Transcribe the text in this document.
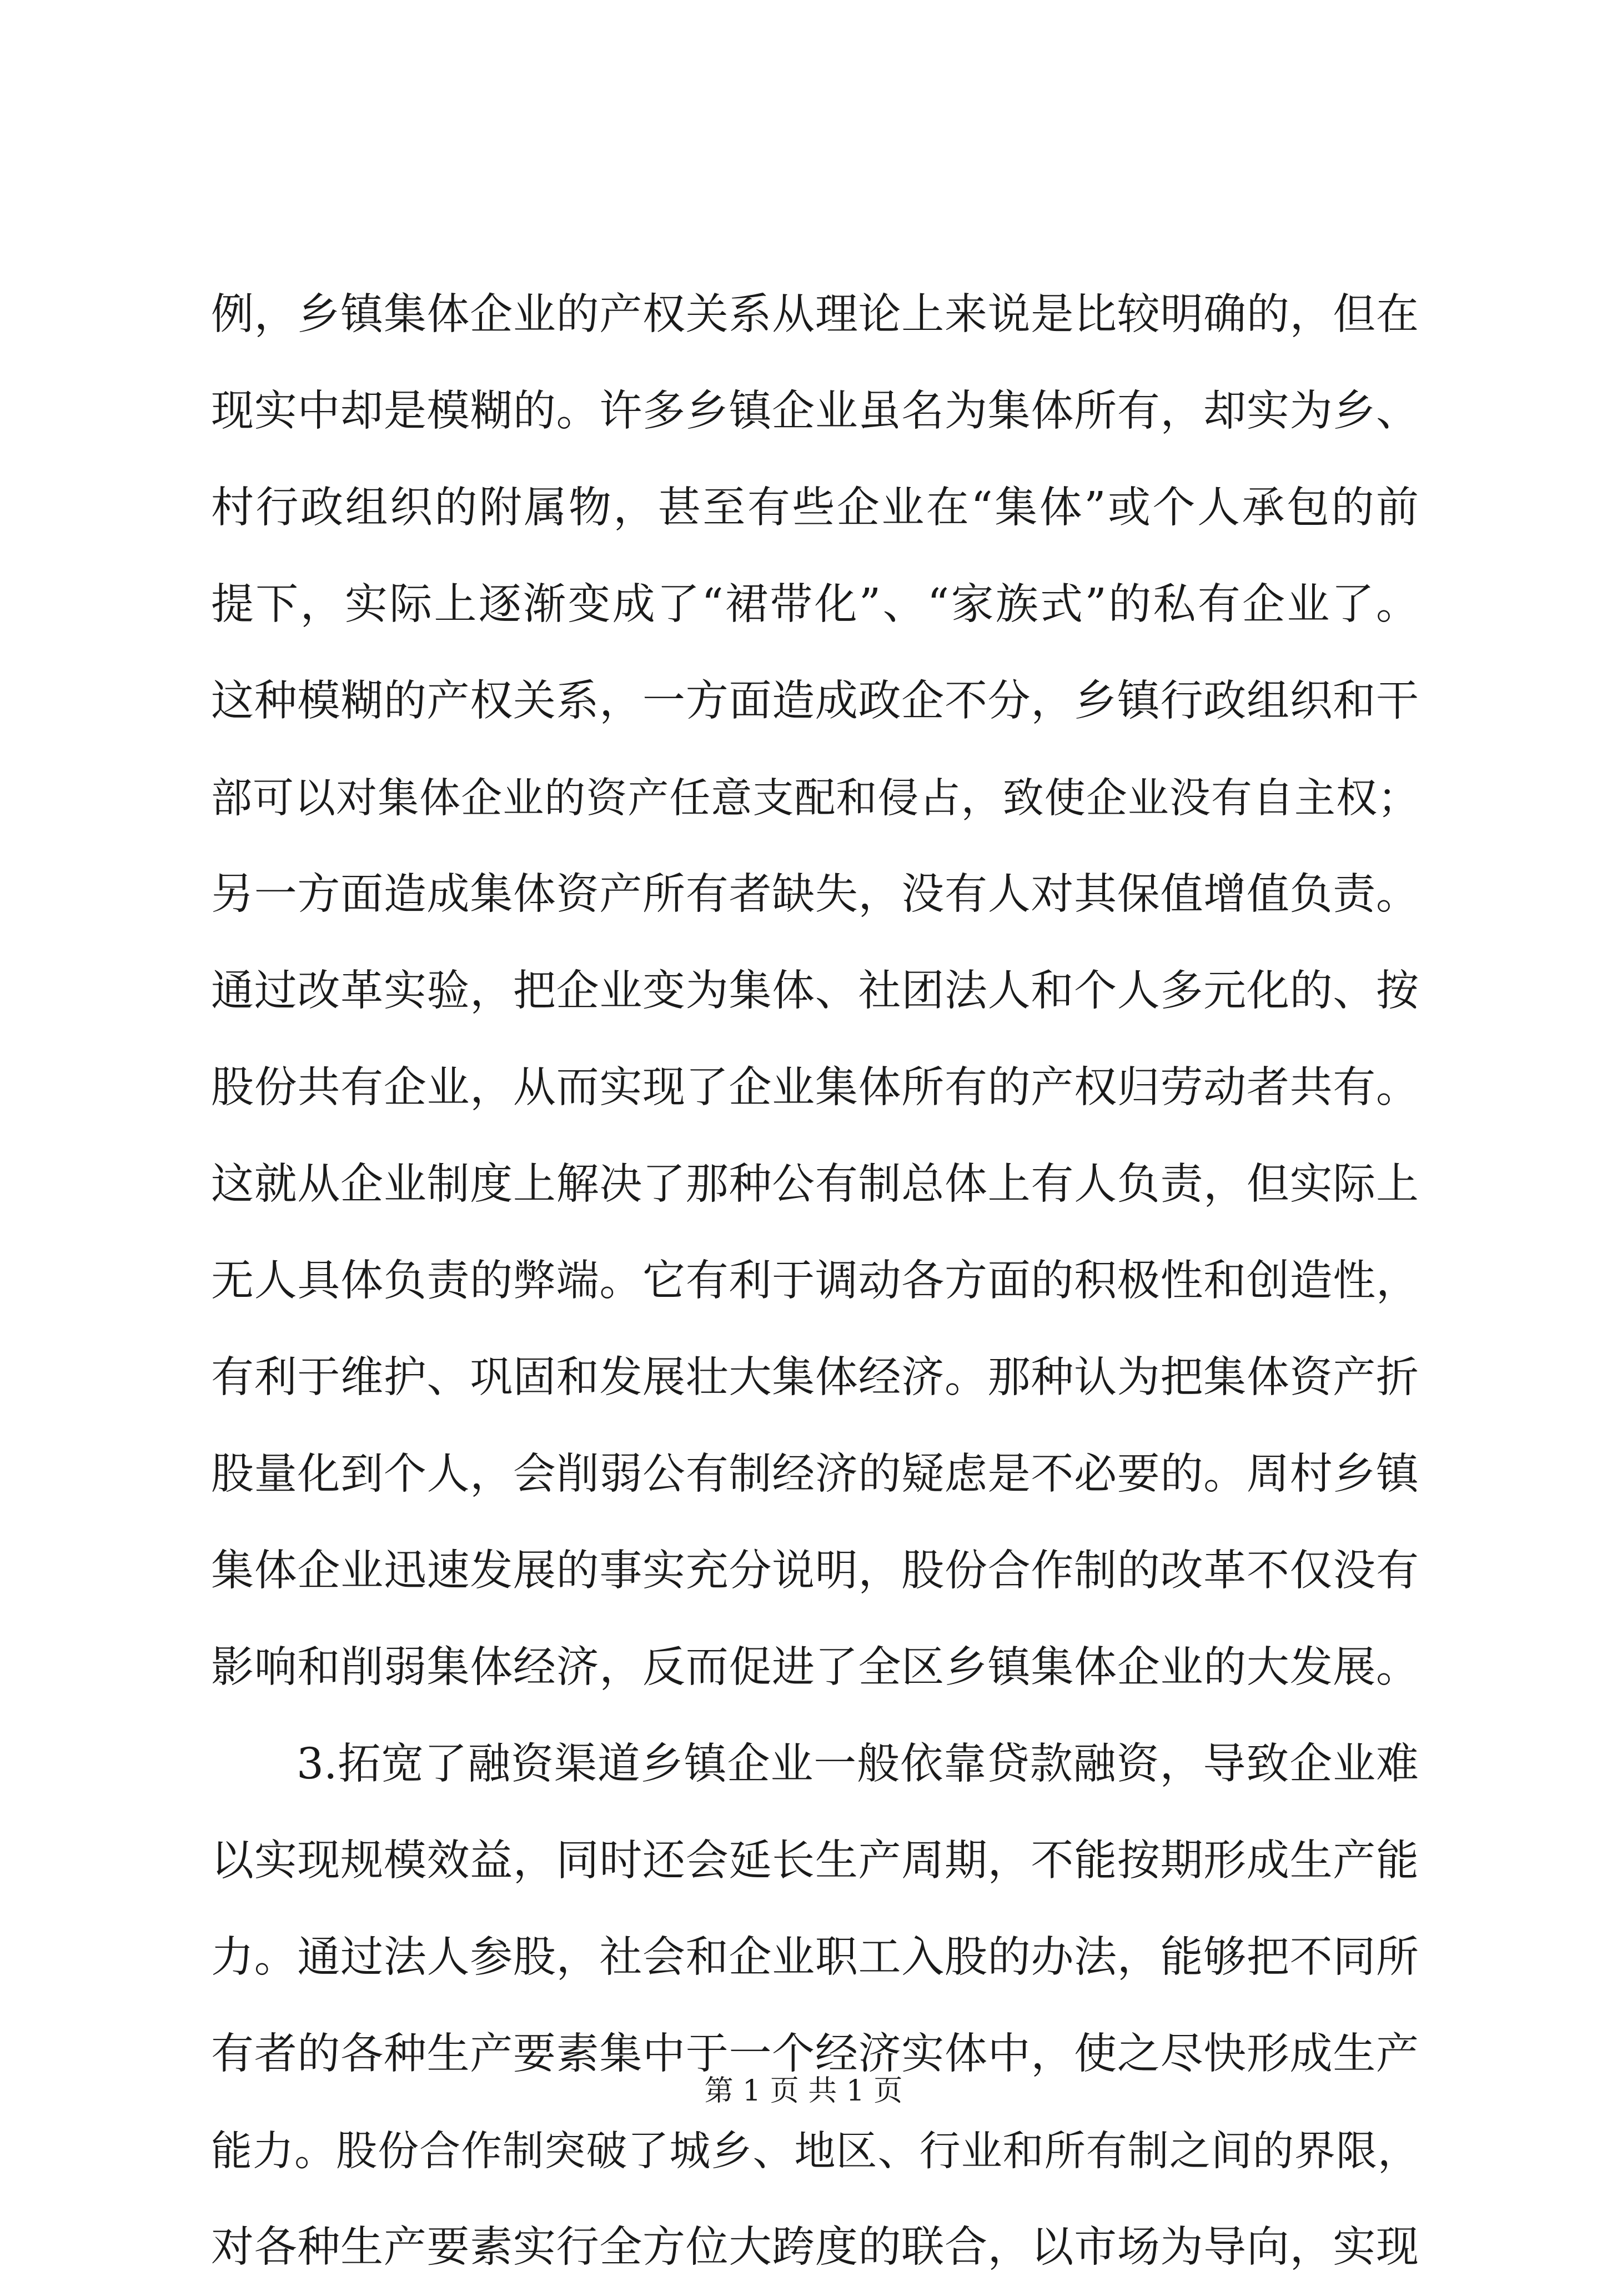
例，乡镇集体企业的产权关系从理论上来说是比较明确的，但在
现实中却是模糊的。许多乡镇企业虽名为集体所有，却实为乡、
村行政组织的附属物，甚至有些企业在“集体”或个人承包的前
提下，实际上逐渐变成了“裙带化”、“家族式”的私有企业了。
这种模糊的产权关系，一方面造成政企不分，乡镇行政组织和干
部可以对集体企业的资产任意支配和侵占，致使企业没有自主权；
另一方面造成集体资产所有者缺失，没有人对其保值增值负责。
通过改革实验，把企业变为集体、社团法人和个人多元化的、按
股份共有企业，从而实现了企业集体所有的产权归劳动者共有。
这就从企业制度上解决了那种公有制总体上有人负责，但实际上
无人具体负责的弊端。它有利于调动各方面的积极性和创造性，
有利于维护、巩固和发展壮大集体经济。那种认为把集体资产折
股量化到个人，会削弱公有制经济的疑虑是不必要的。周村乡镇
集体企业迅速发展的事实充分说明，股份合作制的改革不仅没有
影响和削弱集体经济，反而促进了全区乡镇集体企业的大发展。
3.拓宽了融资渠道乡镇企业一般依靠贷款融资，导致企业难
以实现规模效益，同时还会延长生产周期，不能按期形成生产能
力。通过法人参股，社会和企业职工入股的办法，能够把不同所
有者的各种生产要素集中于一个经济实体中，使之尽快形成生产
能力。股份合作制突破了城乡、地区、行业和所有制之间的界限，
对各种生产要素实行全方位大跨度的联合，以市场为导向，实现
第 1 页 共 1 页
